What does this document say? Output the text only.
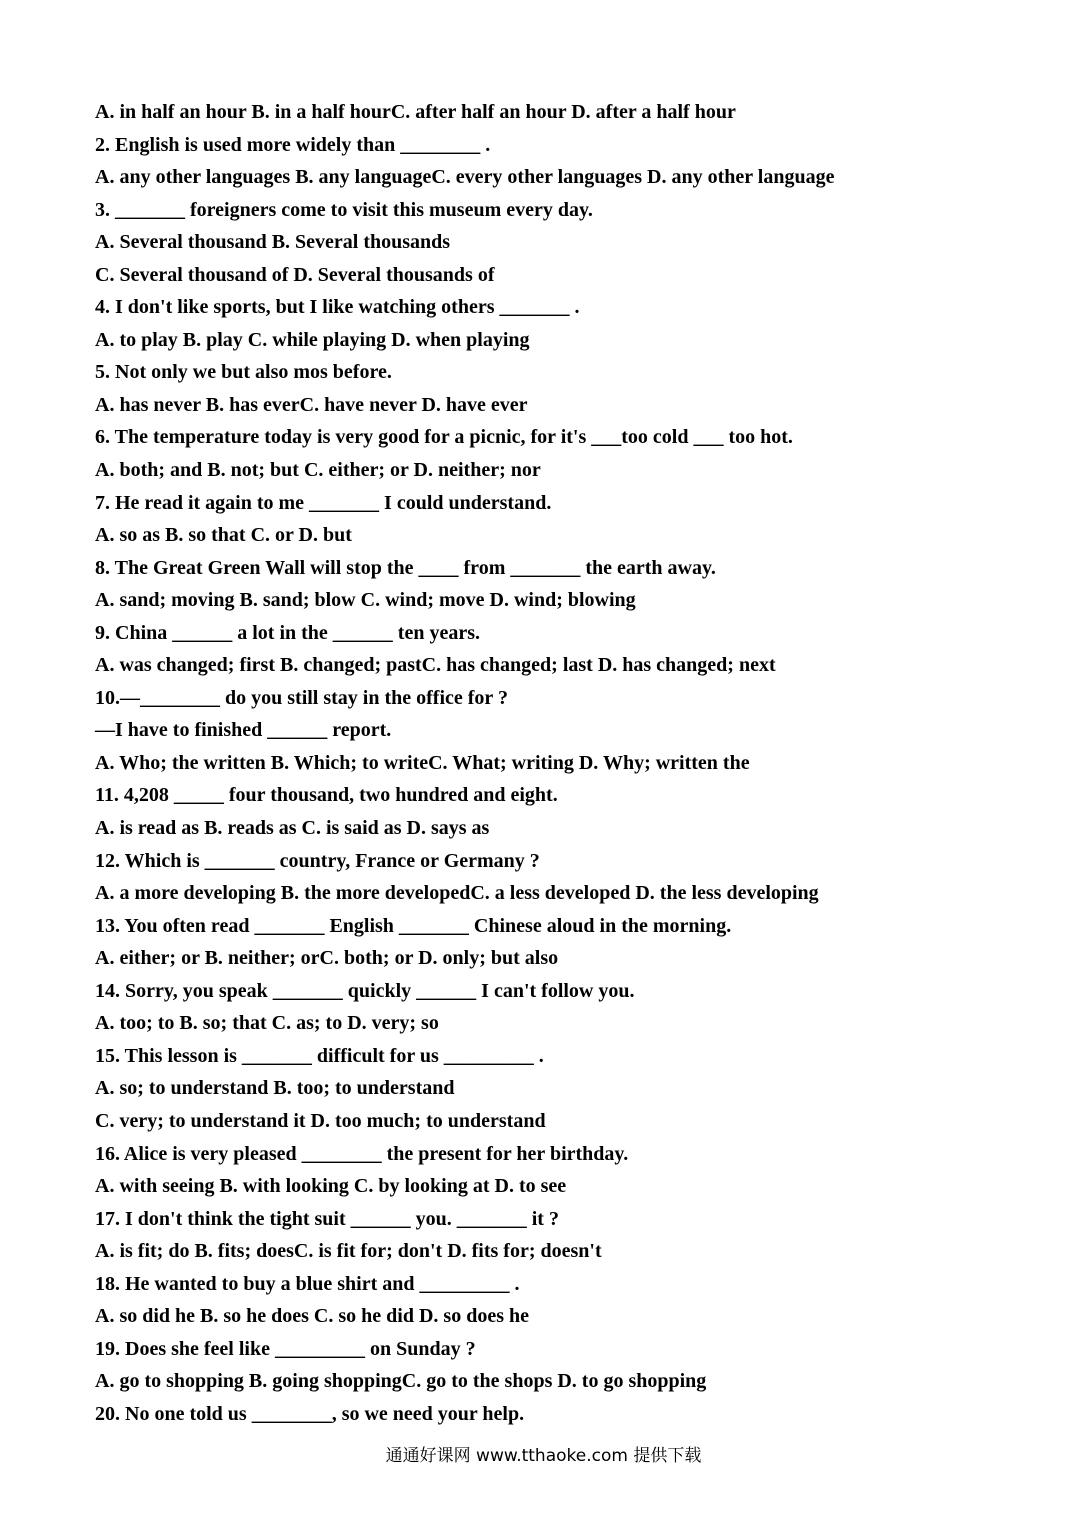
A. in half an hour B. in a half hourC. after half an hour D. after a half hour
2. English is used more widely than ________ .
A. any other languages B. any languageC. every other languages D. any other language
3. _______ foreigners come to visit this museum every day.
A. Several thousand B. Several thousands
C. Several thousand of D. Several thousands of
4. I don't like sports, but I like watching others _______ .
A. to play B. play C. while playing D. when playing
5. Not only we but also mos before.
A. has never B. has everC. have never D. have ever
6. The temperature today is very good for a picnic, for it's ___too cold ___ too hot.
A. both; and B. not; but C. either; or D. neither; nor
7. He read it again to me _______ I could understand.
A. so as B. so that C. or D. but
8. The Great Green Wall will stop the ____ from _______ the earth away.
A. sand; moving B. sand; blow C. wind; move D. wind; blowing
9. China ______ a lot in the ______ ten years.
A. was changed; first B. changed; pastC. has changed; last D. has changed; next
10.—________ do you still stay in the office for ?
—I have to finished ______ report.
A. Who; the written B. Which; to writeC. What; writing D. Why; written the
11. 4,208 _____ four thousand, two hundred and eight.
A. is read as B. reads as C. is said as D. says as
12. Which is _______ country, France or Germany ?
A. a more developing B. the more developedC. a less developed D. the less developing
13. You often read _______ English _______ Chinese aloud in the morning.
A. either; or B. neither; orC. both; or D. only; but also
14. Sorry, you speak _______ quickly ______ I can't follow you.
A. too; to B. so; that C. as; to D. very; so
15. This lesson is _______ difficult for us _________ .
A. so; to understand B. too; to understand
C. very; to understand it D. too much; to understand
16. Alice is very pleased ________ the present for her birthday.
A. with seeing B. with looking C. by looking at D. to see
17. I don't think the tight suit ______ you. _______ it ?
A. is fit; do B. fits; doesC. is fit for; don't D. fits for; doesn't
18. He wanted to buy a blue shirt and _________ .
A. so did he B. so he does C. so he did D. so does he
19. Does she feel like _________ on Sunday ?
A. go to shopping B. going shoppingC. go to the shops D. to go shopping
20. No one told us ________, so we need your help.
通通好课网 www.tthaoke.com 提供下载
